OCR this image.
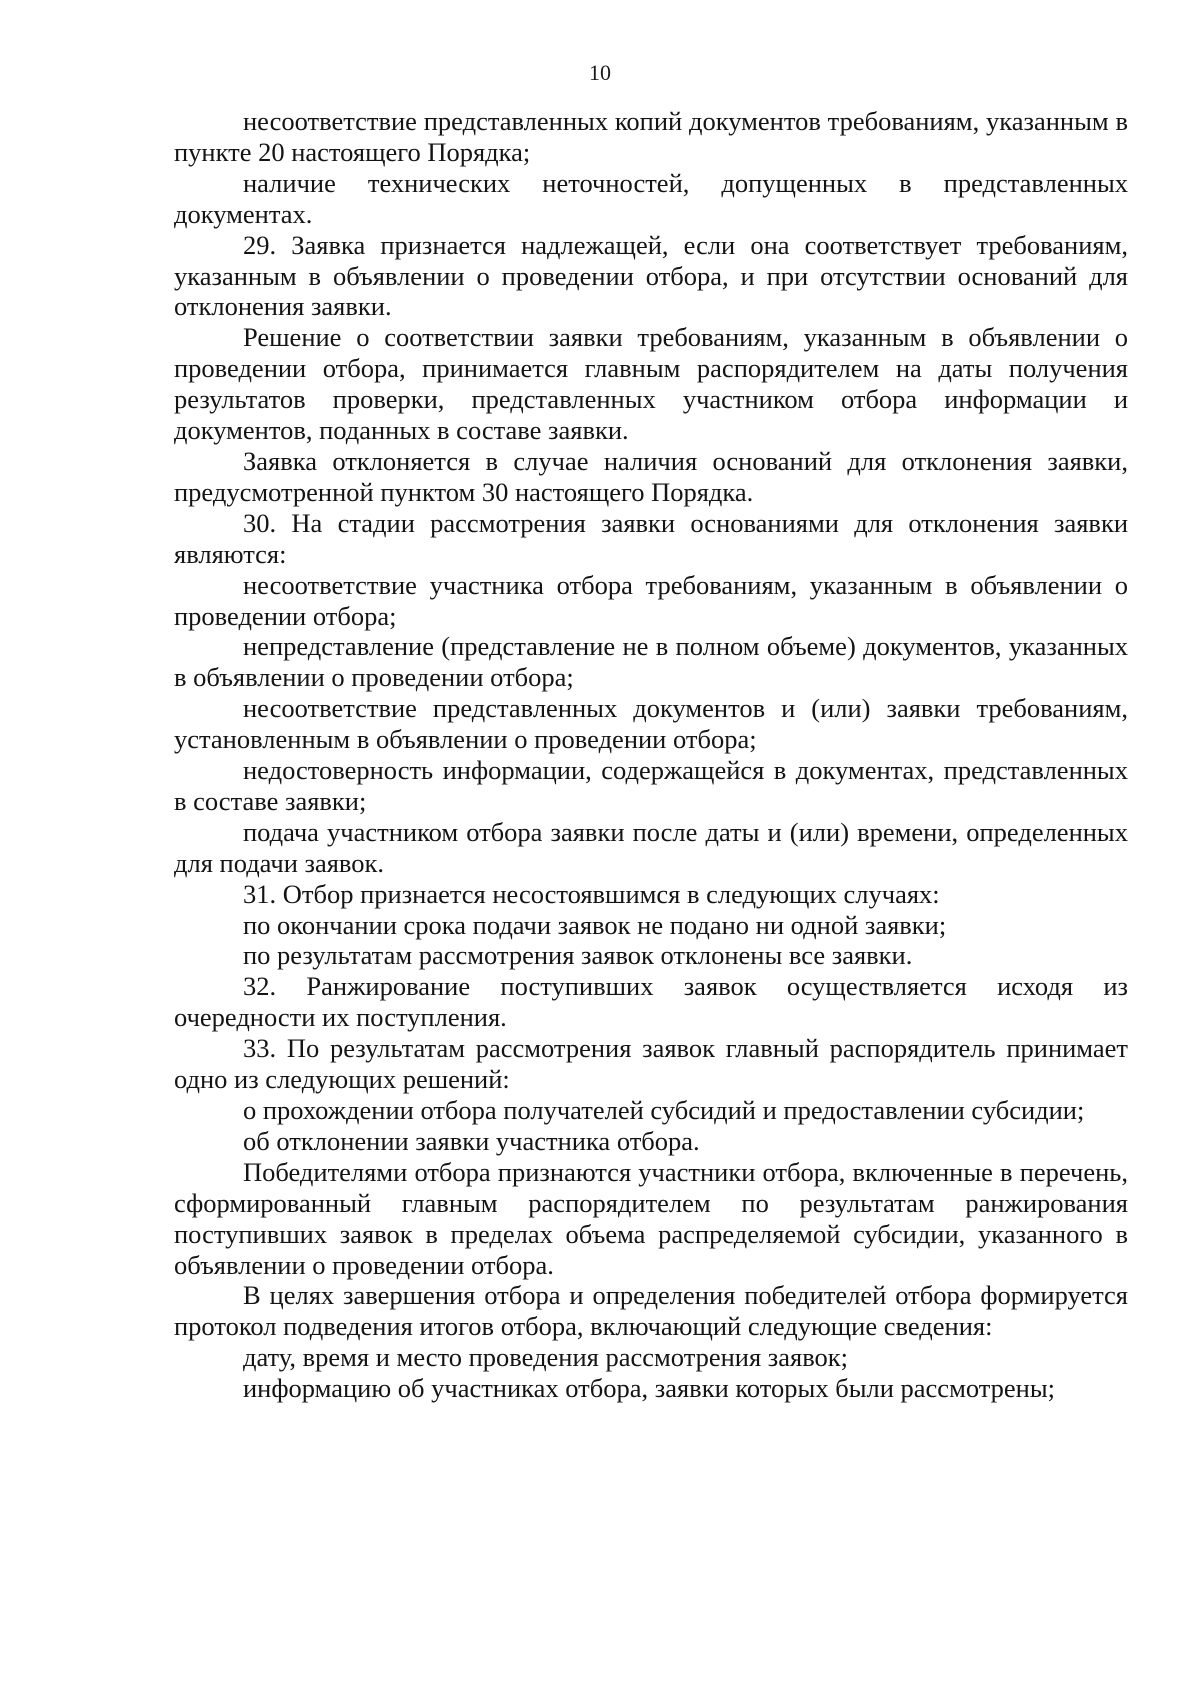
10

несоответствие представленных копий документов требованиям, указанным в пункте 20 настоящего Порядка;

наличие технических неточностей, допущенных в представленных документах.

29. Заявка признается надлежащей, если она соответствует требованиям, указанным в объявлении о проведении отбора, и при отсутствии оснований для отклонения заявки.

Решение о соответствии заявки требованиям, указанным в объявлении о проведении отбора, принимается главным распорядителем на даты получения результатов проверки, представленных участником отбора информации и документов, поданных в составе заявки.

Заявка отклоняется в случае наличия оснований для отклонения заявки, предусмотренной пунктом 30 настоящего Порядка.

30. На стадии рассмотрения заявки основаниями для отклонения заявки являются:

несоответствие участника отбора требованиям, указанным в объявлении о проведении отбора;

непредставление (представление не в полном объеме) документов, указанных в объявлении о проведении отбора;

несоответствие представленных документов и (или) заявки требованиям, установленным в объявлении о проведении отбора;

недостоверность информации, содержащейся в документах, представленных в составе заявки;

подача участником отбора заявки после даты и (или) времени, определенных для подачи заявок.

31. Отбор признается несостоявшимся в следующих случаях:

по окончании срока подачи заявок не подано ни одной заявки;

по результатам рассмотрения заявок отклонены все заявки.

32. Ранжирование поступивших заявок осуществляется исходя из очередности их поступления.

33. По результатам рассмотрения заявок главный распорядитель принимает одно из следующих решений:

о прохождении отбора получателей субсидий и предоставлении субсидии;

об отклонении заявки участника отбора.

Победителями отбора признаются участники отбора, включенные в перечень, сформированный главным распорядителем по результатам ранжирования поступивших заявок в пределах объема распределяемой субсидии, указанного в объявлении о проведении отбора.

В целях завершения отбора и определения победителей отбора формируется протокол подведения итогов отбора, включающий следующие сведения:

дату, время и место проведения рассмотрения заявок;

информацию об участниках отбора, заявки которых были рассмотрены;
